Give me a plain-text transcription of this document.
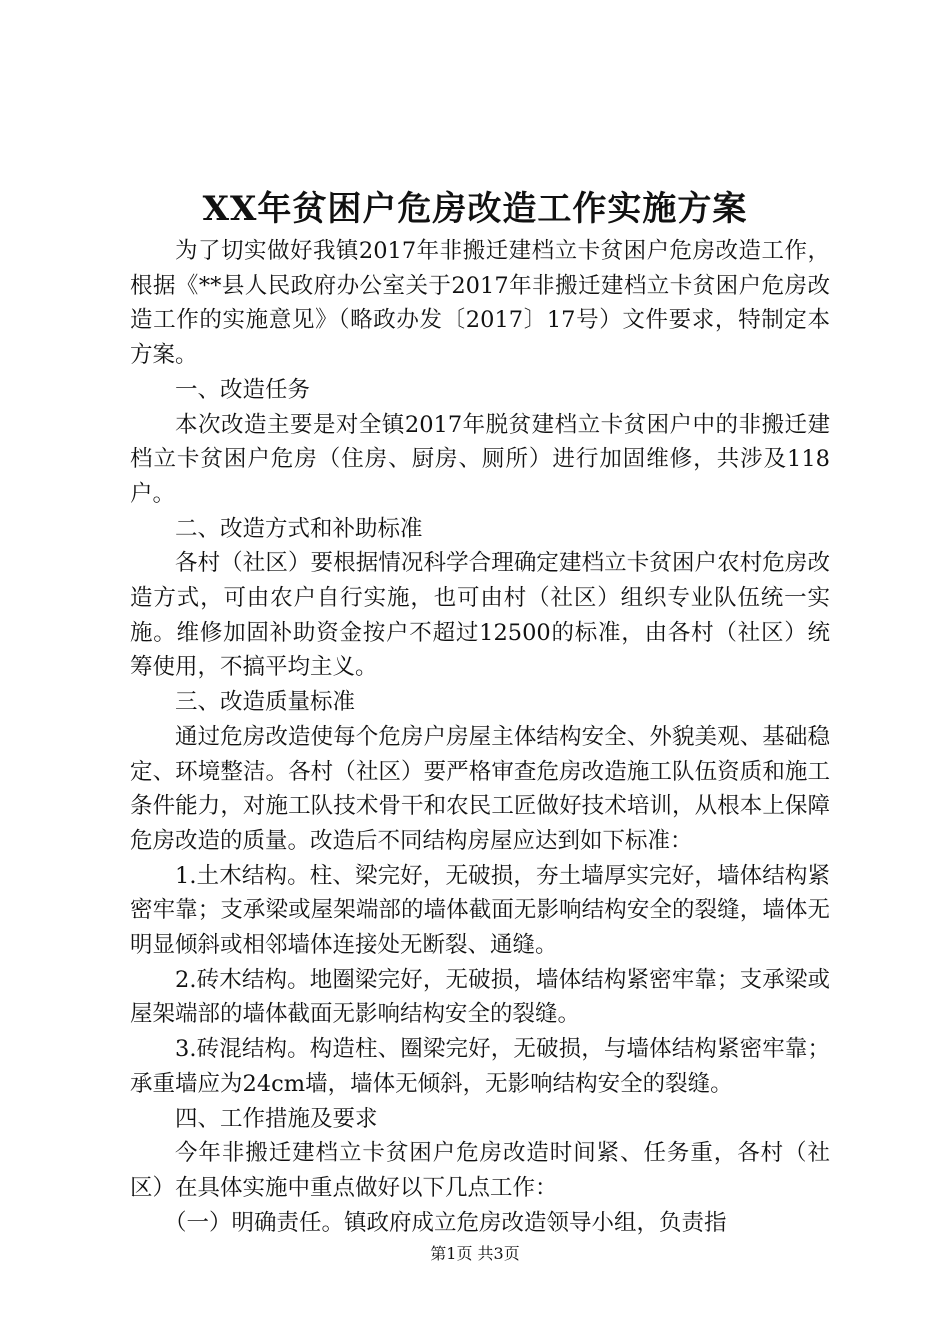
XX年贫困户危房改造工作实施方案

为了切实做好我镇2017年非搬迁建档立卡贫困户危房改造工作，根据《**县人民政府办公室关于2017年非搬迁建档立卡贫困户危房改造工作的实施意见》（略政办发〔2017〕17号）文件要求，特制定本方案。

一、改造任务

本次改造主要是对全镇2017年脱贫建档立卡贫困户中的非搬迁建档立卡贫困户危房（住房、厨房、厕所）进行加固维修，共涉及118户。

二、改造方式和补助标准

各村（社区）要根据情况科学合理确定建档立卡贫困户农村危房改造方式，可由农户自行实施，也可由村（社区）组织专业队伍统一实施。维修加固补助资金按户不超过12500的标准，由各村（社区）统筹使用，不搞平均主义。

三、改造质量标准

通过危房改造使每个危房户房屋主体结构安全、外貌美观、基础稳定、环境整洁。各村（社区）要严格审查危房改造施工队伍资质和施工条件能力，对施工队技术骨干和农民工匠做好技术培训，从根本上保障危房改造的质量。改造后不同结构房屋应达到如下标准：

1.土木结构。柱、梁完好，无破损，夯土墙厚实完好，墙体结构紧密牢靠；支承梁或屋架端部的墙体截面无影响结构安全的裂缝，墙体无明显倾斜或相邻墙体连接处无断裂、通缝。

2.砖木结构。地圈梁完好，无破损，墙体结构紧密牢靠；支承梁或屋架端部的墙体截面无影响结构安全的裂缝。

3.砖混结构。构造柱、圈梁完好，无破损，与墙体结构紧密牢靠；承重墙应为24cm墙，墙体无倾斜，无影响结构安全的裂缝。

四、工作措施及要求

今年非搬迁建档立卡贫困户危房改造时间紧、任务重，各村（社区）在具体实施中重点做好以下几点工作：

（一）明确责任。镇政府成立危房改造领导小组，负责指

第1页 共3页
